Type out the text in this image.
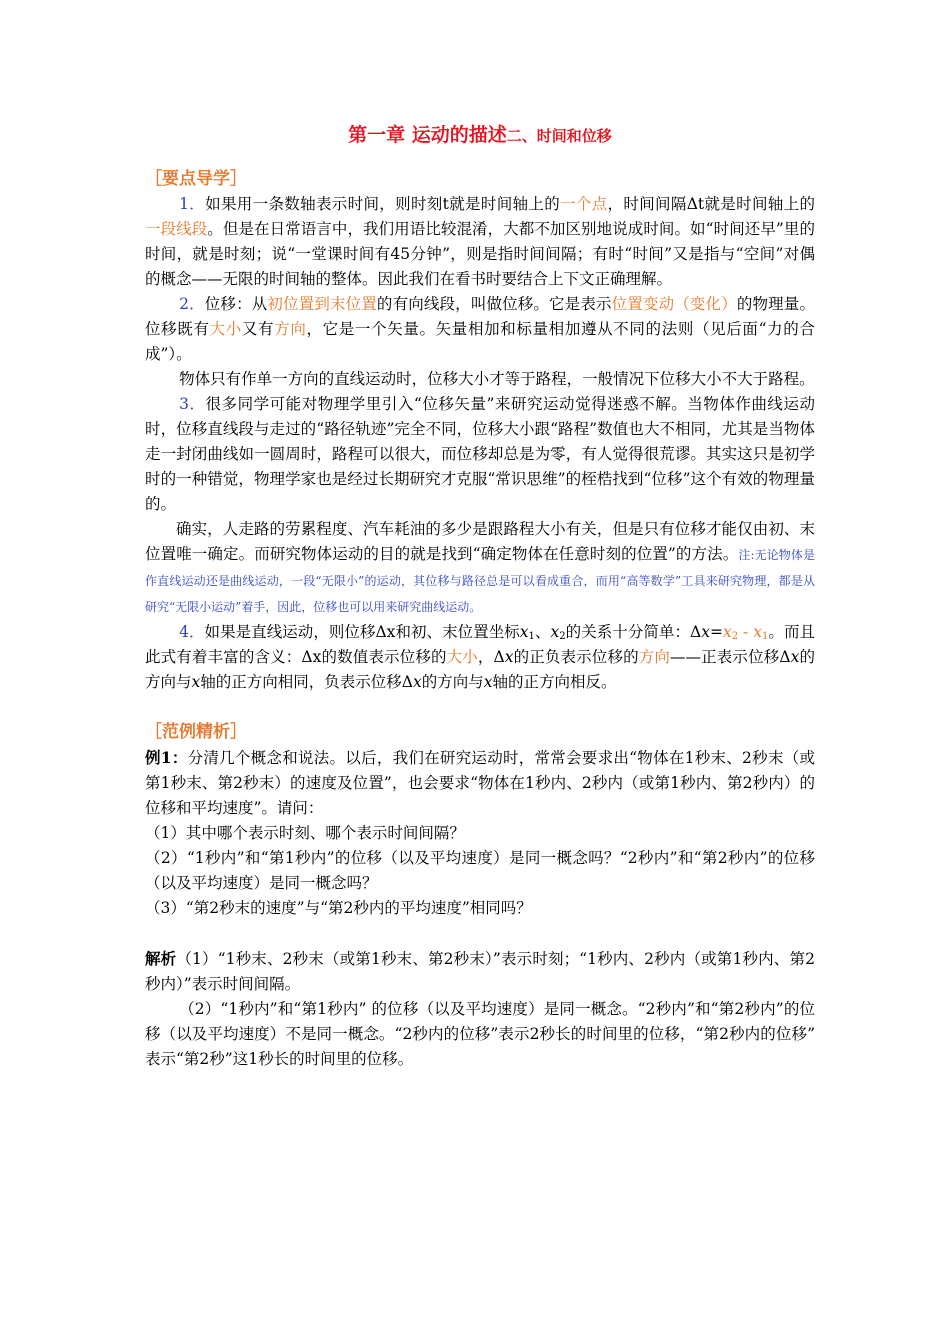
第一章 运动的描述二、时间和位移
［要点导学］

1．如果用一条数轴表示时间，则时刻t就是时间轴上的一个点，时间间隔Δt就是时间轴上的一段线段。但是在日常语言中，我们用语比较混淆，大都不加区别地说成时间。如“时间还早”里的时间，就是时刻；说“一堂课时间有45分钟”，则是指时间间隔；有时“时间”又是指与“空间”对偶的概念——无限的时间轴的整体。因此我们在看书时要结合上下文正确理解。

2．位移：从初位置到末位置的有向线段，叫做位移。它是表示位置变动（变化）的物理量。位移既有大小又有方向，它是一个矢量。矢量相加和标量相加遵从不同的法则（见后面“力的合成”）。

物体只有作单一方向的直线运动时，位移大小才等于路程，一般情况下位移大小不大于路程。

3．很多同学可能对物理学里引入“位移矢量”来研究运动觉得迷惑不解。当物体作曲线运动时，位移直线段与走过的“路径轨迹”完全不同，位移大小跟“路程”数值也大不相同，尤其是当物体走一封闭曲线如一圆周时，路程可以很大，而位移却总是为零，有人觉得很荒谬。其实这只是初学时的一种错觉，物理学家也是经过长期研究才克服“常识思维”的桎梏找到“位移”这个有效的物理量的。

确实，人走路的劳累程度、汽车耗油的多少是跟路程大小有关，但是只有位移才能仅由初、末位置唯一确定。而研究物体运动的目的就是找到“确定物体在任意时刻的位置”的方法。注:无论物体是作直线运动还是曲线运动，一段“无限小”的运动，其位移与路径总是可以看成重合，而用“高等数学”工具来研究物理，都是从研究“无限小运动”着手，因此，位移也可以用来研究曲线运动。

4．如果是直线运动，则位移Δx和初、末位置坐标$x_1$、$x_2$的关系十分简单：$\Delta x=x_2 - x_1$。而且此式有着丰富的含义：Δx的数值表示位移的大小，Δx的正负表示位移的方向——正表示位移Δx的方向与x轴的正方向相同，负表示位移Δx的方向与x轴的正方向相反。

［范例精析］

例1：分清几个概念和说法。以后，我们在研究运动时，常常会要求出“物体在1秒末、2秒末（或第1秒末、第2秒末）的速度及位置”，也会要求“物体在1秒内、2秒内（或第1秒内、第2秒内）的位移和平均速度”。请问：

（1）其中哪个表示时刻、哪个表示时间间隔？

（2）“1秒内”和“第1秒内”的位移（以及平均速度）是同一概念吗？“2秒内”和“第2秒内”的位移（以及平均速度）是同一概念吗？

（3）“第2秒末的速度”与“第2秒内的平均速度”相同吗？

解析（1）“1秒末、2秒末（或第1秒末、第2秒末）”表示时刻；“1秒内、2秒内（或第1秒内、第2秒内）”表示时间间隔。

（2）“1秒内”和“第1秒内” 的位移（以及平均速度）是同一概念。“2秒内”和“第2秒内”的位移（以及平均速度）不是同一概念。“2秒内的位移”表示2秒长的时间里的位移，“第2秒内的位移” 表示“第2秒”这1秒长的时间里的位移。
